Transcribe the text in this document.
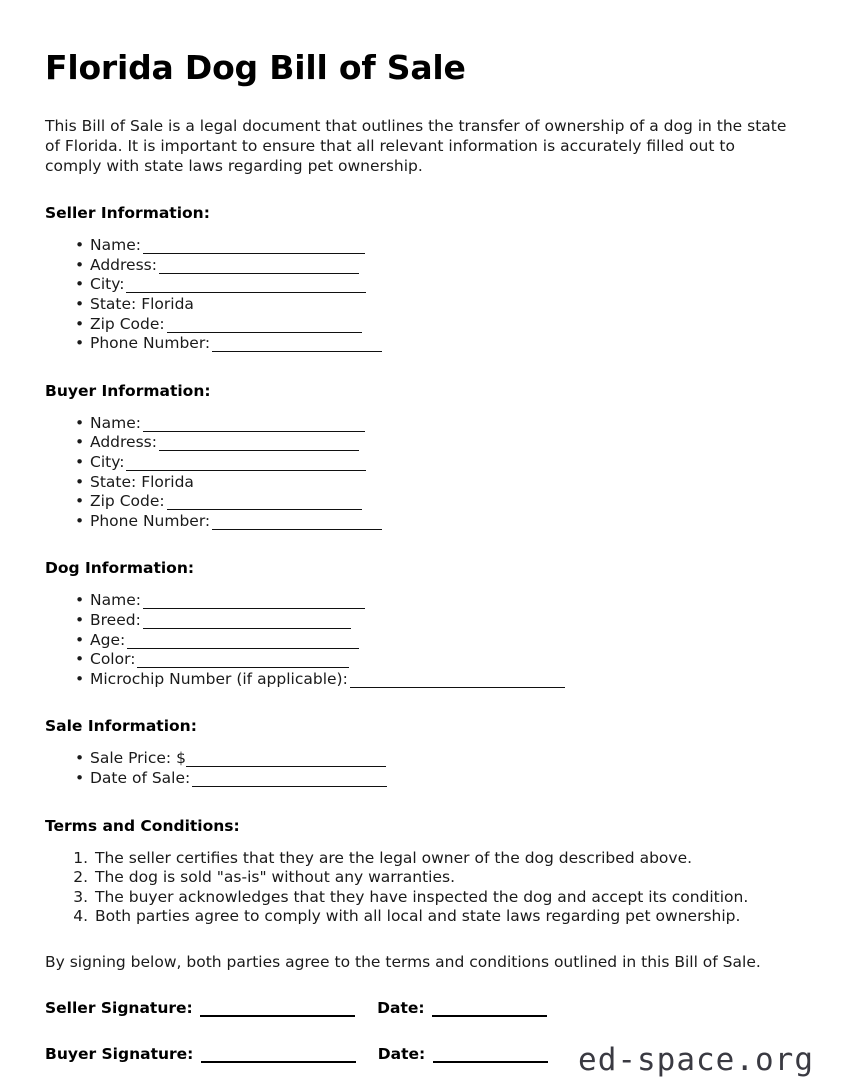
Florida Dog Bill of Sale

This Bill of Sale is a legal document that outlines the transfer of ownership of a dog in the state of Florida. It is important to ensure that all relevant information is accurately filled out to comply with state laws regarding pet ownership.

Seller Information:
• Name:
• Address:
• City:
• State: Florida
• Zip Code:
• Phone Number:
Buyer Information:
• Name:
• Address:
• City:
• State: Florida
• Zip Code:
• Phone Number:
Dog Information:
• Name:
• Breed:
• Age:
• Color:
• Microchip Number (if applicable):
Sale Information:
• Sale Price: $
• Date of Sale:
Terms and Conditions:
1. The seller certifies that they are the legal owner of the dog described above.
2. The dog is sold "as-is" without any warranties.
3. The buyer acknowledges that they have inspected the dog and accept its condition.
4. Both parties agree to comply with all local and state laws regarding pet ownership.

By signing below, both parties agree to the terms and conditions outlined in this Bill of Sale.

Seller Signature:	Date:
Buyer Signature:	Date:	ed-space.org
